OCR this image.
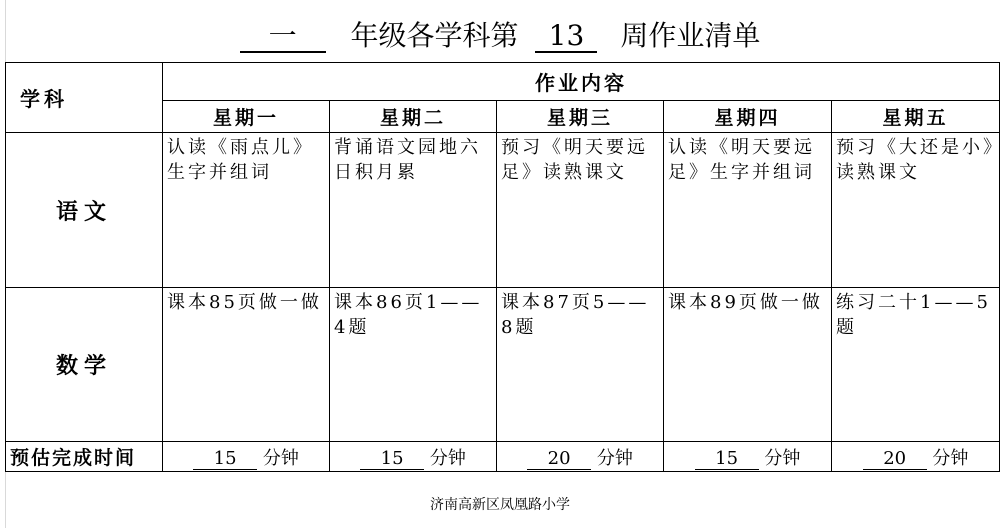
一 年级各学科第 13 周作业清单
学科	作业内容				
	星期一	星期二	星期三	星期四	星期五
语文	认读《雨点儿》生字并组词	背诵语文园地六日积月累	预习《明天要远足》读熟课文	认读《明天要远足》生字并组词	预习《大还是小》读熟课文
数学	课本85页做一做	课本86页1——4题	课本87页5——8题	课本89页做一做	练习二十1——5题
预估完成时间	15 分钟	15 分钟	20 分钟	15 分钟	20 分钟
济南高新区凤凰路小学
